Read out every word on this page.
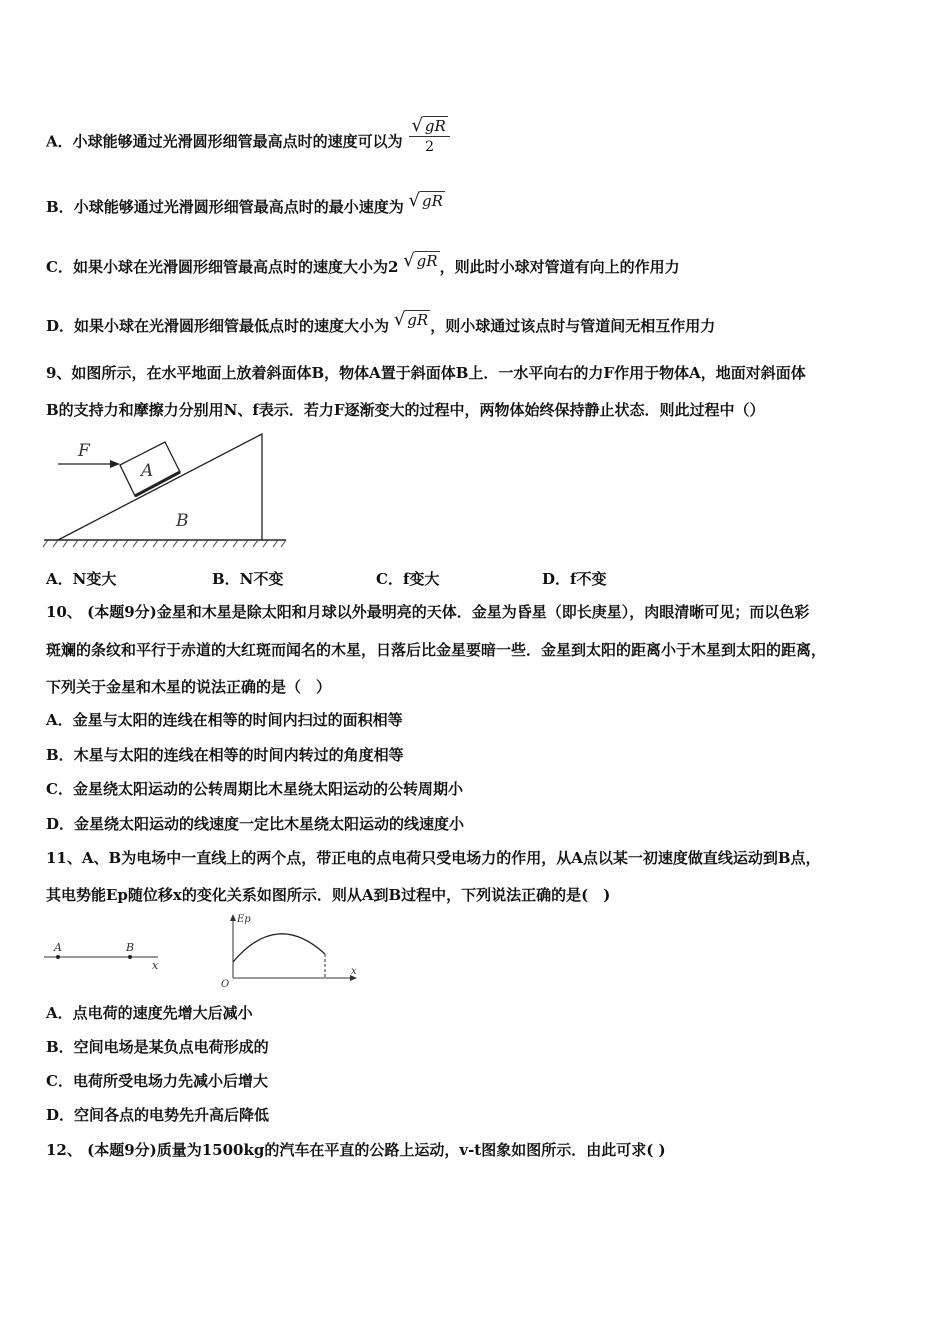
A．小球能够通过光滑圆形细管最高点时的速度可以为 $\frac{√ gR}{2}$
B．小球能够通过光滑圆形细管最高点时的最小速度为 √ gR
C．如果小球在光滑圆形细管最高点时的速度大小为2 √ gR ，则此时小球对管道有向上的作用力
D．如果小球在光滑圆形细管最低点时的速度大小为 √ gR ，则小球通过该点时与管道间无相互作用力
9、如图所示，在水平地面上放着斜面体B，物体A置于斜面体B上．一水平向右的力F作用于物体A，地面对斜面体
B的支持力和摩擦力分别用N、f表示．若力F逐渐变大的过程中，两物体始终保持静止状态．则此过程中（）
A
F
B
A．N变大	B．N不变	C．f变大	D．f不变
10、 (本题9分)金星和木星是除太阳和月球以外最明亮的天体．金星为昏星（即长庚星），肉眼清晰可见；而以色彩
斑斓的条纹和平行于赤道的大红斑而闻名的木星，日落后比金星要暗一些．金星到太阳的距离小于木星到太阳的距离，
下列关于金星和木星的说法正确的是（　）
A．金星与太阳的连线在相等的时间内扫过的面积相等
B．木星与太阳的连线在相等的时间内转过的角度相等
C．金星绕太阳运动的公转周期比木星绕太阳运动的公转周期小
D．金星绕太阳运动的线速度一定比木星绕太阳运动的线速度小
11、A、B为电场中一直线上的两个点，带正电的点电荷只受电场力的作用，从A点以某一初速度做直线运动到B点，
其电势能Ep随位移x的变化关系如图所示．则从A到B过程中，下列说法正确的是(　)
A	B
x
Ep
O
x
A．点电荷的速度先增大后减小
B．空间电场是某负点电荷形成的
C．电荷所受电场力先减小后增大
D．空间各点的电势先升高后降低
12、 (本题9分)质量为1500kg的汽车在平直的公路上运动，v-t图象如图所示．由此可求( )
